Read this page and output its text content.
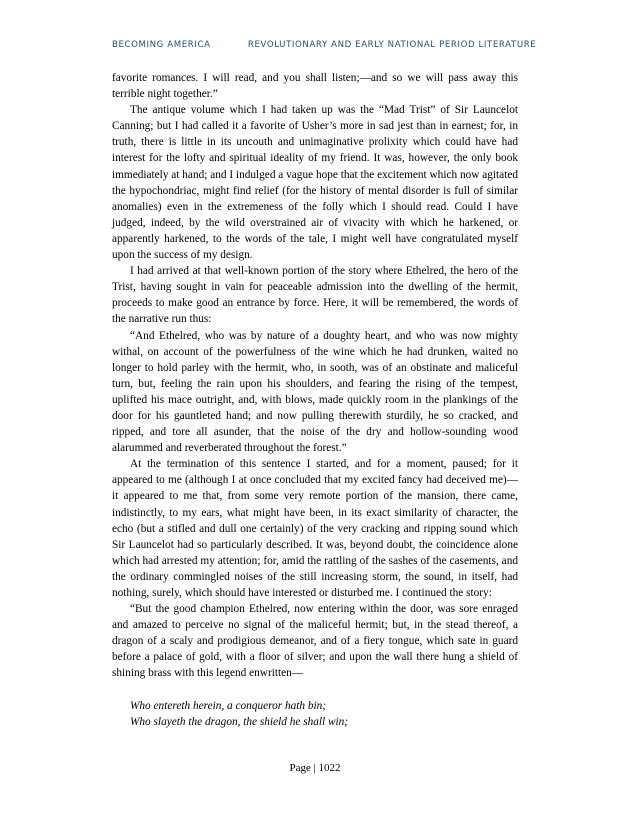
BECOMING AMERICA	REVOLUTIONARY AND EARLY NATIONAL PERIOD LITERATURE

favorite romances. I will read, and you shall listen;—and so we will pass away this terrible night together.”

The antique volume which I had taken up was the “Mad Trist” of Sir Launcelot Canning; but I had called it a favorite of Usher’s more in sad jest than in earnest; for, in truth, there is little in its uncouth and unimaginative prolixity which could have had interest for the lofty and spiritual ideality of my friend. It was, however, the only book immediately at hand; and I indulged a vague hope that the excitement which now agitated the hypochondriac, might find relief (for the history of mental disorder is full of similar anomalies) even in the extremeness of the folly which I should read. Could I have judged, indeed, by the wild overstrained air of vivacity with which he harkened, or apparently harkened, to the words of the tale, I might well have congratulated myself upon the success of my design.

I had arrived at that well-known portion of the story where Ethelred, the hero of the Trist, having sought in vain for peaceable admission into the dwelling of the hermit, proceeds to make good an entrance by force. Here, it will be remembered, the words of the narrative run thus:

“And Ethelred, who was by nature of a doughty heart, and who was now mighty withal, on account of the powerfulness of the wine which he had drunken, waited no longer to hold parley with the hermit, who, in sooth, was of an obstinate and maliceful turn, but, feeling the rain upon his shoulders, and fearing the rising of the tempest, uplifted his mace outright, and, with blows, made quickly room in the plankings of the door for his gauntleted hand; and now pulling therewith sturdily, he so cracked, and ripped, and tore all asunder, that the noise of the dry and hollow-sounding wood alarummed and reverberated throughout the forest.”

At the termination of this sentence I started, and for a moment, paused; for it appeared to me (although I at once concluded that my excited fancy had deceived me)—it appeared to me that, from some very remote portion of the mansion, there came, indistinctly, to my ears, what might have been, in its exact similarity of character, the echo (but a stifled and dull one certainly) of the very cracking and ripping sound which Sir Launcelot had so particularly described. It was, beyond doubt, the coincidence alone which had arrested my attention; for, amid the rattling of the sashes of the casements, and the ordinary commingled noises of the still increasing storm, the sound, in itself, had nothing, surely, which should have interested or disturbed me. I continued the story:

“But the good champion Ethelred, now entering within the door, was sore enraged and amazed to perceive no signal of the maliceful hermit; but, in the stead thereof, a dragon of a scaly and prodigious demeanor, and of a fiery tongue, which sate in guard before a palace of gold, with a floor of silver; and upon the wall there hung a shield of shining brass with this legend enwritten—

Who entereth herein, a conqueror hath bin;
Who slayeth the dragon, the shield he shall win;
Page | 1022
